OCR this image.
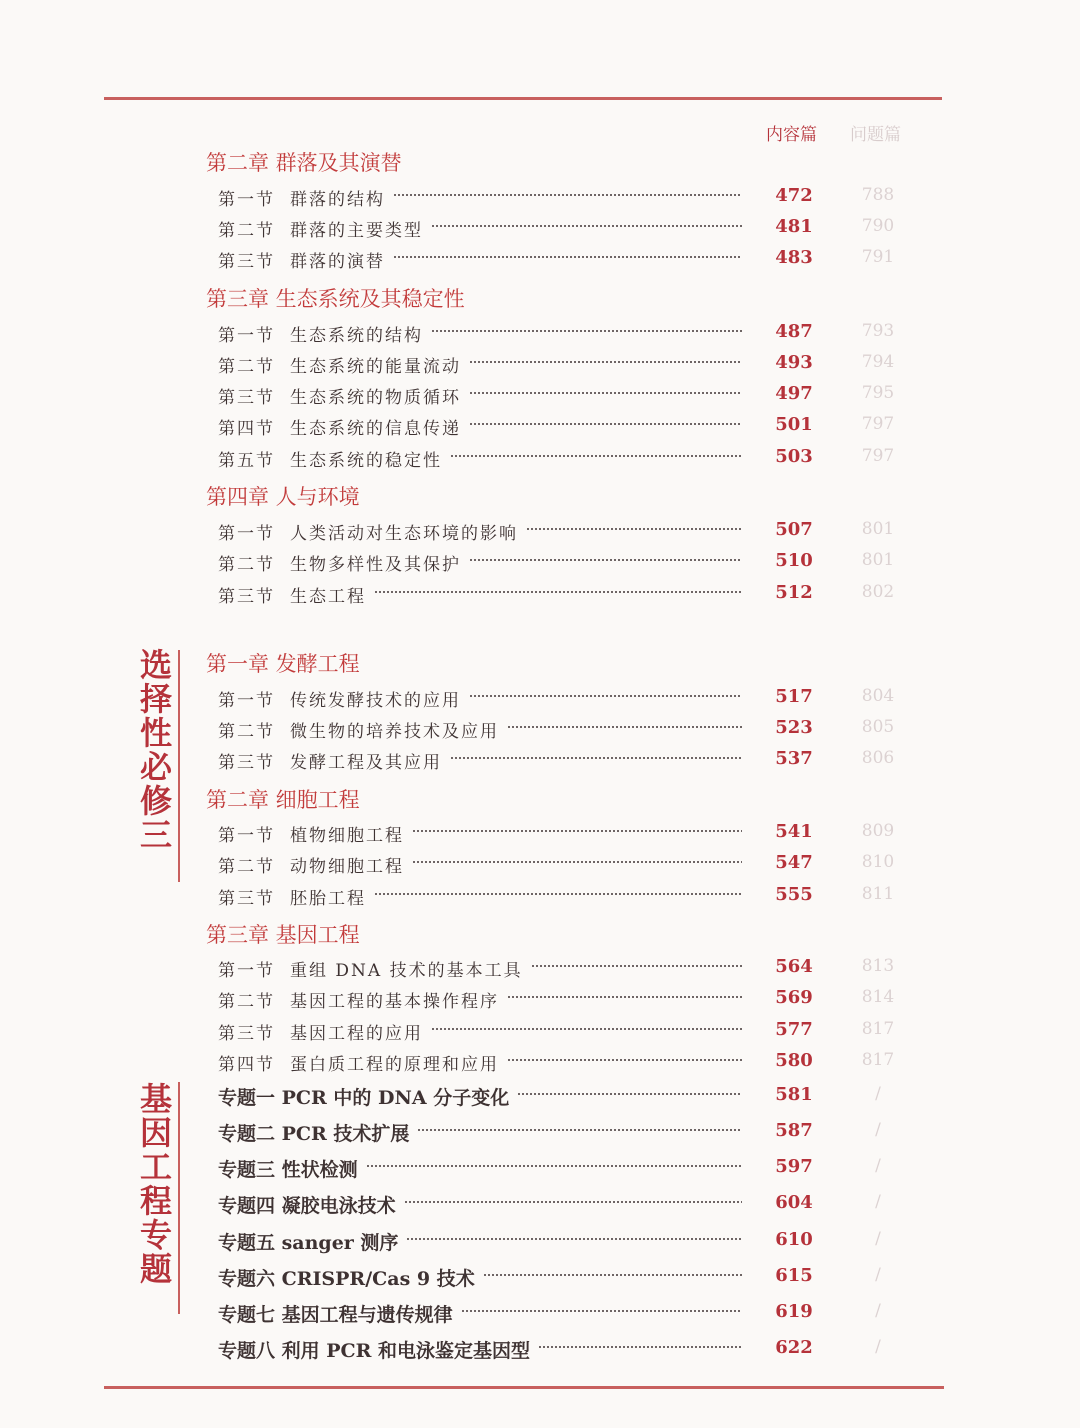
内容篇 问题篇
选择性必修三
基因工程专题
第二章 群落及其演替
第一节 群落的结构	472	788
第二节 群落的主要类型	481	790
第三节 群落的演替	483	791
第三章 生态系统及其稳定性
第一节 生态系统的结构	487	793
第二节 生态系统的能量流动	493	794
第三节 生态系统的物质循环	497	795
第四节 生态系统的信息传递	501	797
第五节 生态系统的稳定性	503	797
第四章 人与环境
第一节 人类活动对生态环境的影响	507	801
第二节 生物多样性及其保护	510	801
第三节 生态工程	512	802
第一章 发酵工程
第一节 传统发酵技术的应用	517	804
第二节 微生物的培养技术及应用	523	805
第三节 发酵工程及其应用	537	806
第二章 细胞工程
第一节 植物细胞工程	541	809
第二节 动物细胞工程	547	810
第三节 胚胎工程	555	811
第三章 基因工程
第一节 重组 DNA 技术的基本工具	564	813
第二节 基因工程的基本操作程序	569	814
第三节 基因工程的应用	577	817
第四节 蛋白质工程的原理和应用	580	817
专题一 PCR 中的 DNA 分子变化	581	/
专题二 PCR 技术扩展	587	/
专题三 性状检测	597	/
专题四 凝胶电泳技术	604	/
专题五 sanger 测序	610	/
专题六 CRISPR/Cas 9 技术	615	/
专题七 基因工程与遗传规律	619	/
专题八 利用 PCR 和电泳鉴定基因型	622	/
